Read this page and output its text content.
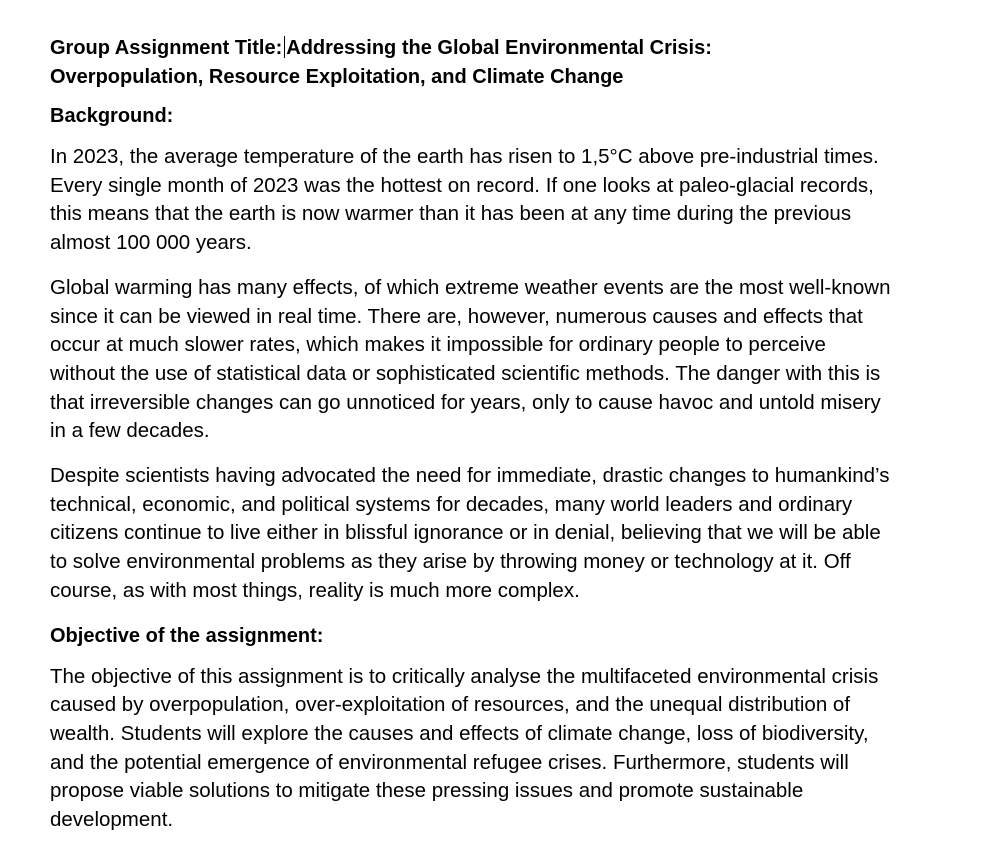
Group Assignment Title: Addressing the Global Environmental Crisis:
Overpopulation, Resource Exploitation, and Climate Change
Background:
In 2023, the average temperature of the earth has risen to 1,5°C above pre-industrial times.
Every single month of 2023 was the hottest on record. If one looks at paleo-glacial records,
this means that the earth is now warmer than it has been at any time during the previous
almost 100 000 years.
Global warming has many effects, of which extreme weather events are the most well-known
since it can be viewed in real time. There are, however, numerous causes and effects that
occur at much slower rates, which makes it impossible for ordinary people to perceive
without the use of statistical data or sophisticated scientific methods. The danger with this is
that irreversible changes can go unnoticed for years, only to cause havoc and untold misery
in a few decades.
Despite scientists having advocated the need for immediate, drastic changes to humankind’s
technical, economic, and political systems for decades, many world leaders and ordinary
citizens continue to live either in blissful ignorance or in denial, believing that we will be able
to solve environmental problems as they arise by throwing money or technology at it. Off
course, as with most things, reality is much more complex.
Objective of the assignment:
The objective of this assignment is to critically analyse the multifaceted environmental crisis
caused by overpopulation, over-exploitation of resources, and the unequal distribution of
wealth. Students will explore the causes and effects of climate change, loss of biodiversity,
and the potential emergence of environmental refugee crises. Furthermore, students will
propose viable solutions to mitigate these pressing issues and promote sustainable
development.
